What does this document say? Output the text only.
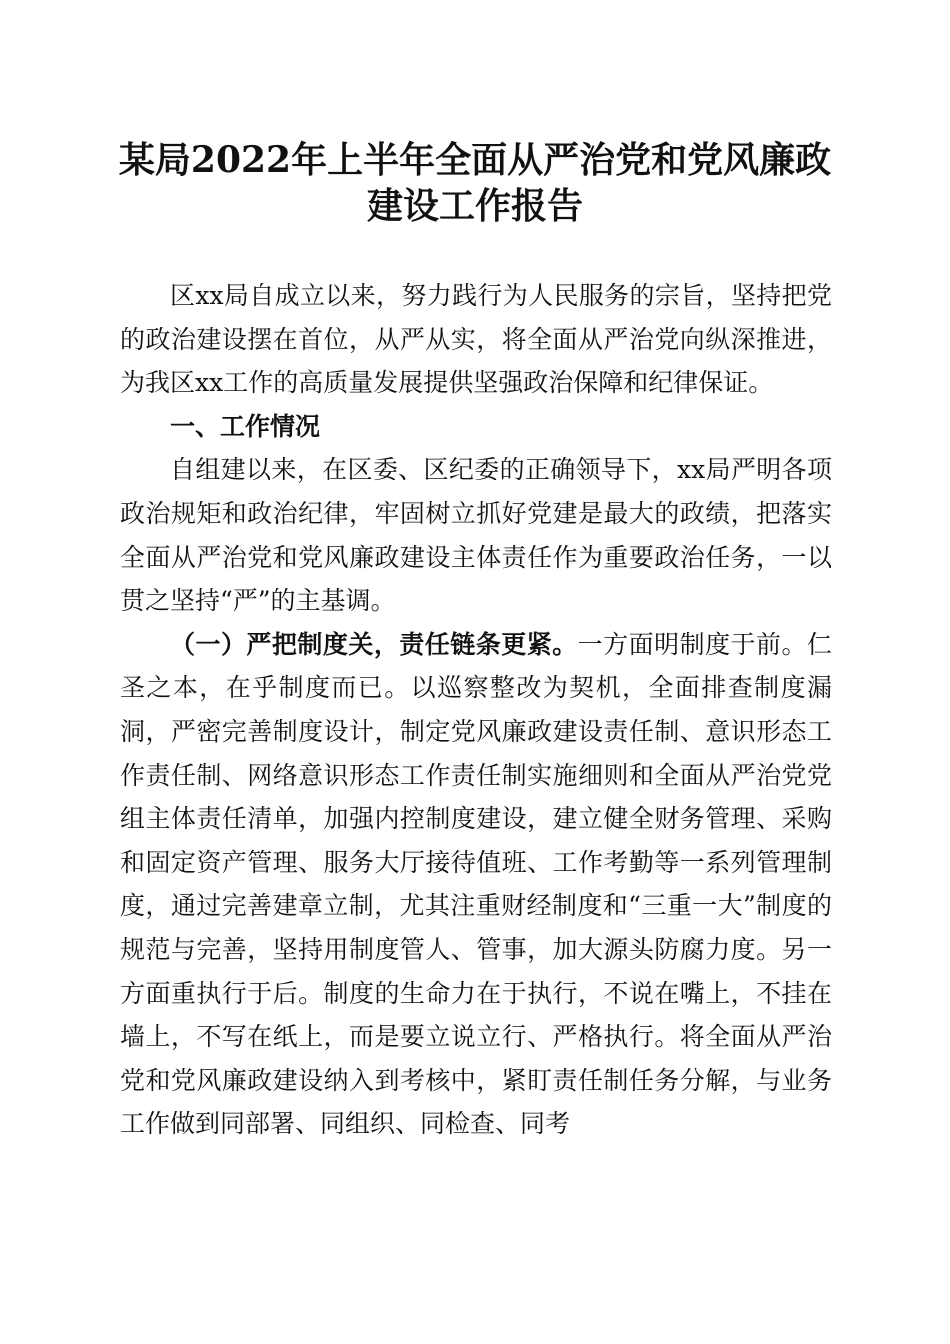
某局2022年上半年全面从严治党和党风廉政
建设工作报告

区xx局自成立以来，努力践行为人民服务的宗旨，坚持把党的政治建设摆在首位，从严从实，将全面从严治党向纵深推进，为我区xx工作的高质量发展提供坚强政治保障和纪律保证。

一、工作情况

自组建以来，在区委、区纪委的正确领导下，xx局严明各项政治规矩和政治纪律，牢固树立抓好党建是最大的政绩，把落实全面从严治党和党风廉政建设主体责任作为重要政治任务，一以贯之坚持“严”的主基调。

（一）严把制度关，责任链条更紧。一方面明制度于前。仁圣之本，在乎制度而已。以巡察整改为契机，全面排查制度漏洞，严密完善制度设计，制定党风廉政建设责任制、意识形态工作责任制、网络意识形态工作责任制实施细则和全面从严治党党组主体责任清单，加强内控制度建设，建立健全财务管理、采购和固定资产管理、服务大厅接待值班、工作考勤等一系列管理制度，通过完善建章立制，尤其注重财经制度和“三重一大”制度的规范与完善，坚持用制度管人、管事，加大源头防腐力度。另一方面重执行于后。制度的生命力在于执行，不说在嘴上，不挂在墙上，不写在纸上，而是要立说立行、严格执行。将全面从严治党和党风廉政建设纳入到考核中，紧盯责任制任务分解，与业务工作做到同部署、同组织、同检查、同考
